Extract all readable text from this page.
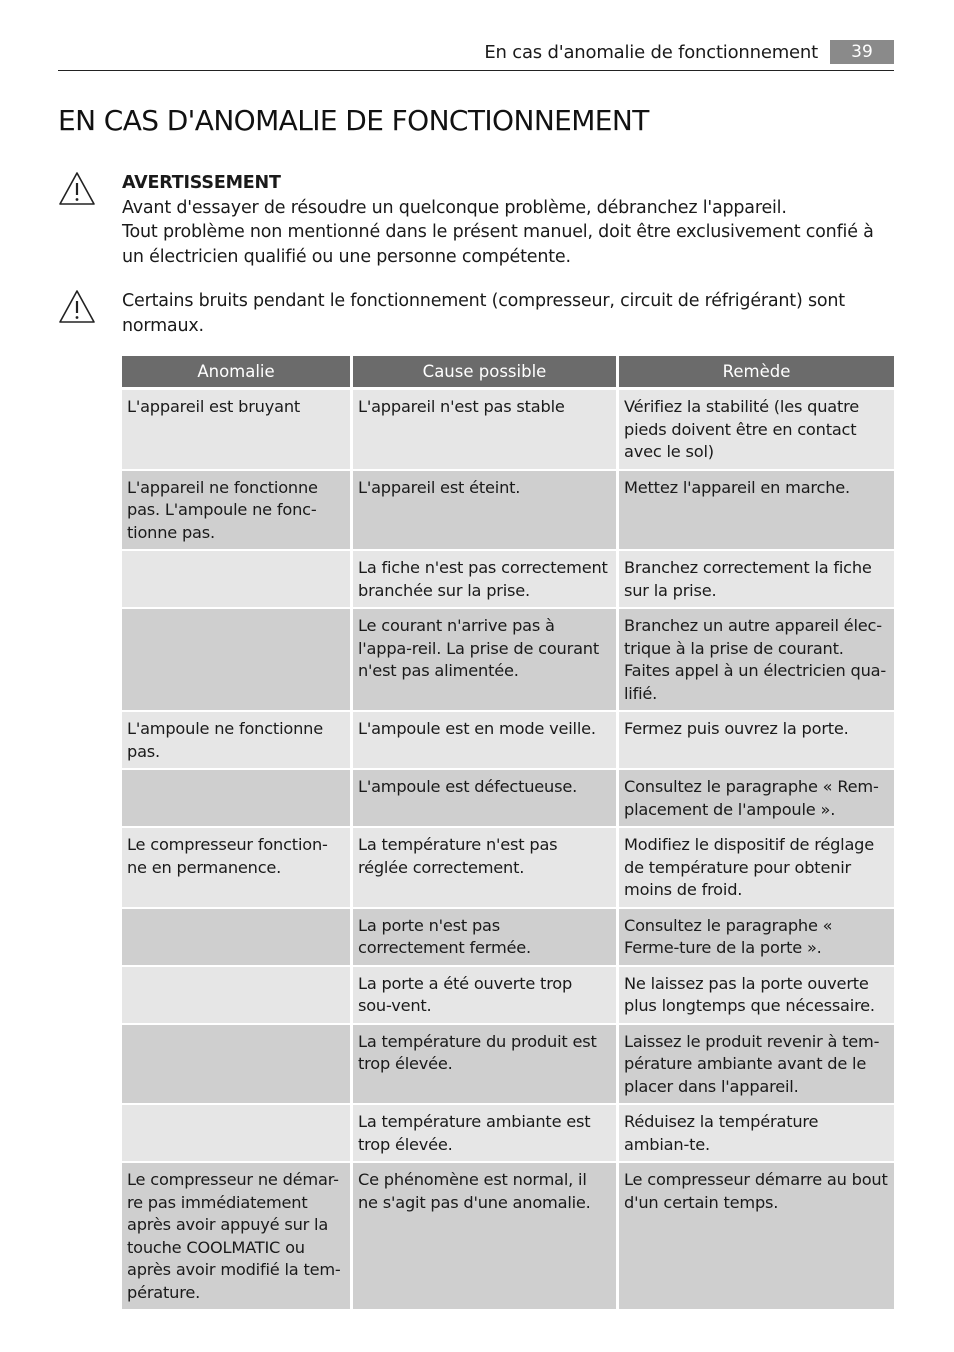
En cas d'anomalie de fonctionnement	39
EN CAS D'ANOMALIE DE FONCTIONNEMENT
AVERTISSEMENT
Avant d'essayer de résoudre un quelconque problème, débranchez l'appareil.
Tout problème non mentionné dans le présent manuel, doit être exclusivement confié à un électricien qualifié ou une personne compétente.
Certains bruits pendant le fonctionnement (compresseur, circuit de réfrigérant) sont normaux.
Anomalie	Cause possible	Remède
L'appareil est bruyant	L'appareil n'est pas stable	Vérifiez la stabilité (les quatre pieds doivent être en contact avec le sol)
L'appareil ne fonctionne pas. L'ampoule ne fonc-tionne pas.	L'appareil est éteint.	Mettez l'appareil en marche.
	La fiche n'est pas correctement branchée sur la prise.	Branchez correctement la fiche sur la prise.
	Le courant n'arrive pas à l'appa-reil. La prise de courant n'est pas alimentée.	Branchez un autre appareil élec-trique à la prise de courant. Faites appel à un électricien qua-lifié.
L'ampoule ne fonctionne pas.	L'ampoule est en mode veille.	Fermez puis ouvrez la porte.
	L'ampoule est défectueuse.	Consultez le paragraphe « Rem-placement de l'ampoule ».
Le compresseur fonction-ne en permanence.	La température n'est pas réglée correctement.	Modifiez le dispositif de réglage de température pour obtenir moins de froid.
	La porte n'est pas correctement fermée.	Consultez le paragraphe « Ferme-ture de la porte ».
	La porte a été ouverte trop sou-vent.	Ne laissez pas la porte ouverte plus longtemps que nécessaire.
	La température du produit est trop élevée.	Laissez le produit revenir à tem-pérature ambiante avant de le placer dans l'appareil.
	La température ambiante est trop élevée.	Réduisez la température ambian-te.
Le compresseur ne démar-re pas immédiatement après avoir appuyé sur la touche COOLMATIC ou après avoir modifié la tem-pérature.	Ce phénomène est normal, il ne s'agit pas d'une anomalie.	Le compresseur démarre au bout d'un certain temps.
